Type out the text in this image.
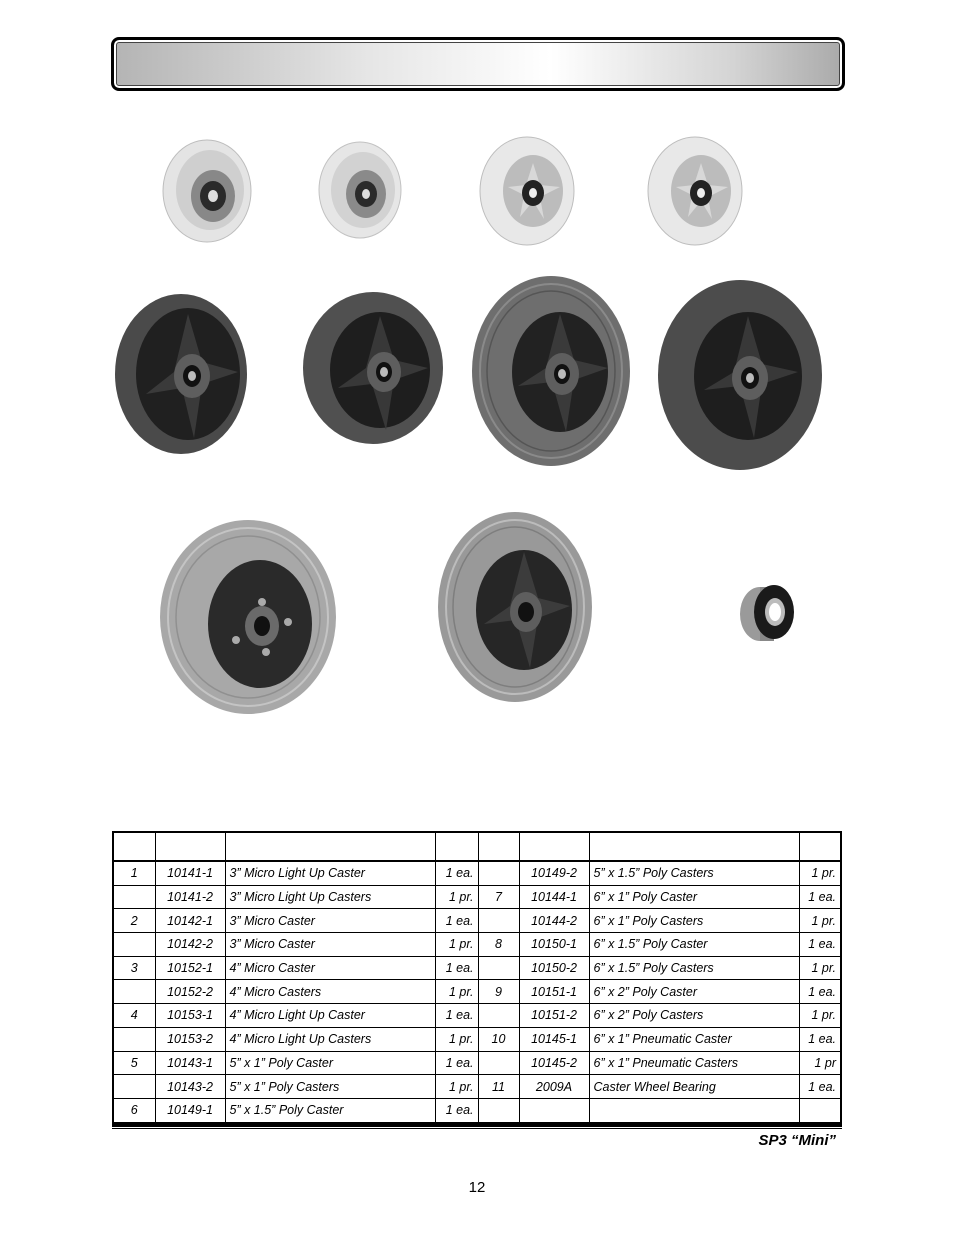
1	10141-1	3” Micro Light Up Caster	1 ea.		10149-2	5” x 1.5” Poly Casters	1 pr.
	10141-2	3” Micro Light Up Casters	1 pr.	7	10144-1	6” x 1” Poly Caster	1 ea.
2	10142-1	3” Micro Caster	1 ea.		10144-2	6” x 1” Poly Casters	1 pr.
	10142-2	3” Micro Caster	1 pr.	8	10150-1	6” x 1.5” Poly Caster	1 ea.
3	10152-1	4” Micro Caster	1 ea.		10150-2	6” x 1.5” Poly Casters	1 pr.
	10152-2	4” Micro Casters	1 pr.	9	10151-1	6” x 2” Poly Caster	1 ea.
4	10153-1	4” Micro Light Up Caster	1 ea.		10151-2	6” x 2” Poly Casters	1 pr.
	10153-2	4” Micro Light Up Casters	1 pr.	10	10145-1	6” x 1” Pneumatic Caster	1 ea.
5	10143-1	5” x 1” Poly Caster	1 ea.		10145-2	6” x 1” Pneumatic Casters	1 pr
	10143-2	5” x 1” Poly Casters	1 pr.	11	2009A	Caster Wheel Bearing	1 ea.
6	10149-1	5” x 1.5” Poly Caster	1 ea.				
SP3 “Mini”
12
